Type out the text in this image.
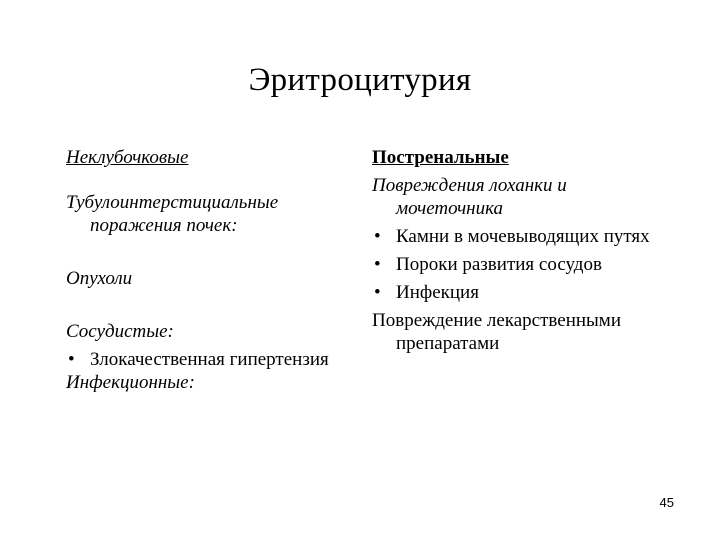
Эритроцитурия

Неклубочковые

Тубулоинтерстициальные поражения почек:

Опухоли

Сосудистые:

• Злокачественная гипертензия

Инфекционные:

Постренальные

Повреждения лоханки и мочеточника

• Камни в мочевыводящих путях
• Пороки развития сосудов
• Инфекция

Повреждение лекарственными препаратами

45
